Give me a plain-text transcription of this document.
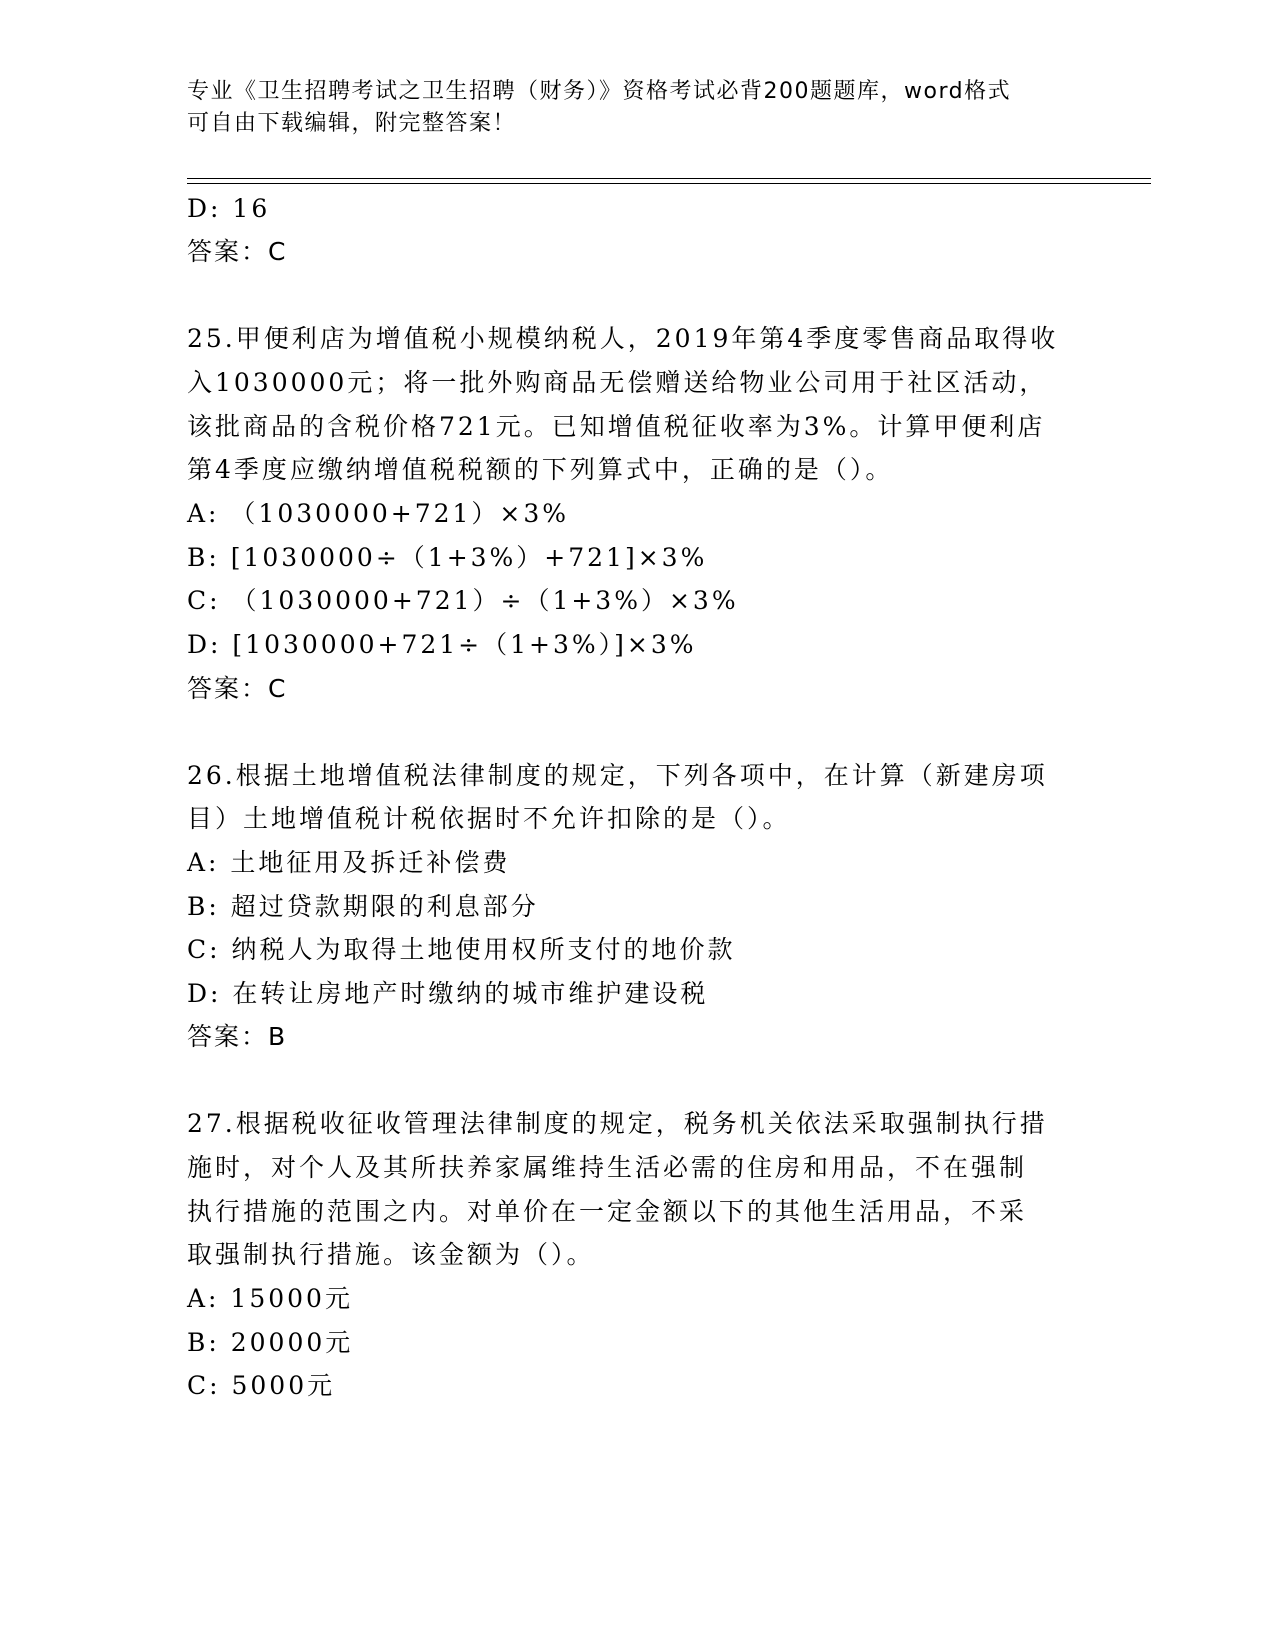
专业《卫生招聘考试之卫生招聘（财务）》资格考试必背200题题库，word格式
可自由下载编辑，附完整答案！
D: 16
答案：C
25.甲便利店为增值税小规模纳税人，2019年第4季度零售商品取得收
入1030000元；将一批外购商品无偿赠送给物业公司用于社区活动，
该批商品的含税价格721元。已知增值税征收率为3%。计算甲便利店
第4季度应缴纳增值税税额的下列算式中，正确的是（）。
A: （1030000+721）×3%
B: [1030000÷（1+3%）+721]×3%
C: （1030000+721）÷（1+3%）×3%
D: [1030000+721÷（1+3%）]×3%
答案：C
26.根据土地增值税法律制度的规定，下列各项中，在计算（新建房项
目）土地增值税计税依据时不允许扣除的是（）。
A: 土地征用及拆迁补偿费
B: 超过贷款期限的利息部分
C: 纳税人为取得土地使用权所支付的地价款
D: 在转让房地产时缴纳的城市维护建设税
答案：B
27.根据税收征收管理法律制度的规定，税务机关依法采取强制执行措
施时，对个人及其所扶养家属维持生活必需的住房和用品，不在强制
执行措施的范围之内。对单价在一定金额以下的其他生活用品，不采
取强制执行措施。该金额为（）。
A: 15000元
B: 20000元
C: 5000元
